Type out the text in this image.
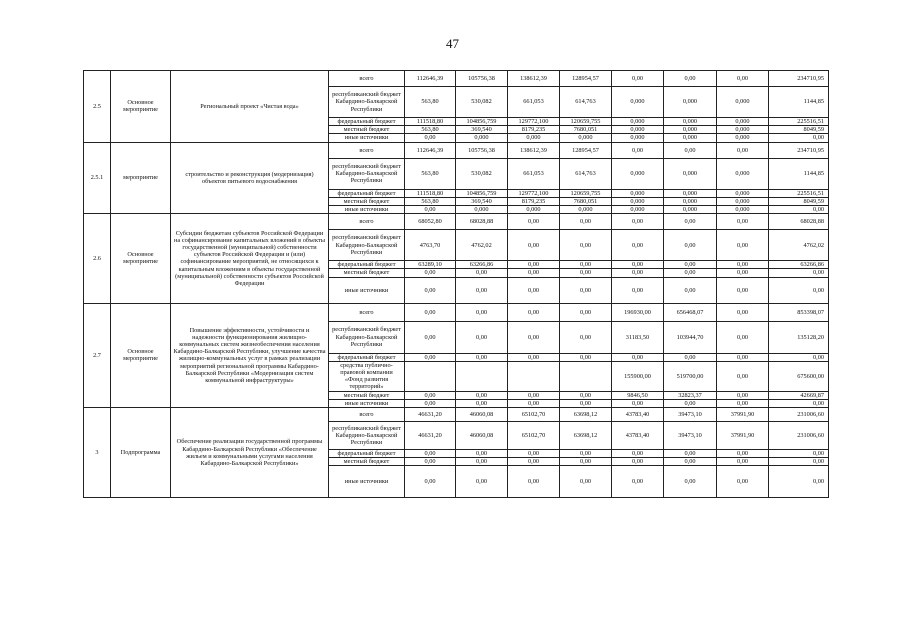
47
2.5	Основное мероприятие	Региональный проект «Чистая вода»	всего	112646,39	105756,38	138612,39	128954,57	0,00	0,00	0,00	234710,95
			республиканский бюджет Кабардино-Балкарской Республики	563,80	530,082	661,053	614,763	0,000	0,000	0,000	1144,85
			федеральный бюджет	111518,80	104856,759	129772,100	120659,755	0,000	0,000	0,000	225516,51
			местный бюджет	563,80	369,540	8179,235	7680,051	0,000	0,000	0,000	8049,59
			иные источники	0,00	0,000	0,000	0,000	0,000	0,000	0,000	0,00
2.5.1	мероприятие	строительство и реконструкция (модернизация) объектов питьевого водоснабжения	всего	112646,39	105756,38	138612,39	128954,57	0,00	0,00	0,00	234710,95
			республиканский бюджет Кабардино-Балкарской Республики	563,80	530,082	661,053	614,763	0,000	0,000	0,000	1144,85
			федеральный бюджет	111518,80	104856,759	129772,100	120659,755	0,000	0,000	0,000	225516,51
			местный бюджет	563,80	369,540	8179,235	7680,051	0,000	0,000	0,000	8049,59
			иные источники	0,00	0,000	0,000	0,000	0,000	0,000	0,000	0,00
2.6	Основное мероприятие	Субсидии бюджетам субъектов Российской Федерации на софинансирование капитальных вложений в объекты государственной (муниципальной) собственности субъектов Российской Федерации и (или) софинансирование мероприятий, не относящихся к капитальным вложениям в объекты государственной (муниципальной) собственности субъектов Российской Федерации	всего	68052,80	68028,88	0,00	0,00	0,00	0,00	0,00	68028,88
			республиканский бюджет Кабардино-Балкарской Республики	4763,70	4762,02	0,00	0,00	0,00	0,00	0,00	4762,02
			федеральный бюджет	63289,10	63266,86	0,00	0,00	0,00	0,00	0,00	63266,86
			местный бюджет	0,00	0,00	0,00	0,00	0,00	0,00	0,00	0,00
			иные источники	0,00	0,00	0,00	0,00	0,00	0,00	0,00	0,00
2.7	Основное мероприятие	Повышение эффективности, устойчивости и надежности функционирования жилищно-коммунальных систем жизнеобеспечения населения Кабардино-Балкарской Республики, улучшение качества жилищно-коммунальных услуг в рамках реализации мероприятий региональной программы Кабардино-Балкарской Республики «Модернизация систем коммунальной инфраструктуры»	всего	0,00	0,00	0,00	0,00	196930,00	656468,07	0,00	853398,07
			республиканский бюджет Кабардино-Балкарской Республики	0,00	0,00	0,00	0,00	31183,50	103944,70	0,00	135128,20
			федеральный бюджет	0,00	0,00	0,00	0,00	0,00	0,00	0,00	0,00
			средства публично-правовой компании «Фонд развития территорий»					155900,00	519700,00	0,00	675600,00
			местный бюджет	0,00	0,00	0,00	0,00	9846,50	32823,37	0,00	42669,87
			иные источники	0,00	0,00	0,00	0,00	0,00	0,00	0,00	0,00
3	Подпрограмма	Обеспечение реализации государственной программы Кабардино-Балкарской Республики «Обеспечение жильем и коммунальными услугами населения Кабардино-Балкарской Республики»	всего	46631,20	46060,08	65102,70	63698,12	43783,40	39473,10	37991,90	231006,60
			республиканский бюджет Кабардино-Балкарской Республики	46631,20	46060,08	65102,70	63698,12	43783,40	39473,10	37991,90	231006,60
			федеральный бюджет	0,00	0,00	0,00	0,00	0,00	0,00	0,00	0,00
			местный бюджет	0,00	0,00	0,00	0,00	0,00	0,00	0,00	0,00
			иные источники	0,00	0,00	0,00	0,00	0,00	0,00	0,00	0,00
